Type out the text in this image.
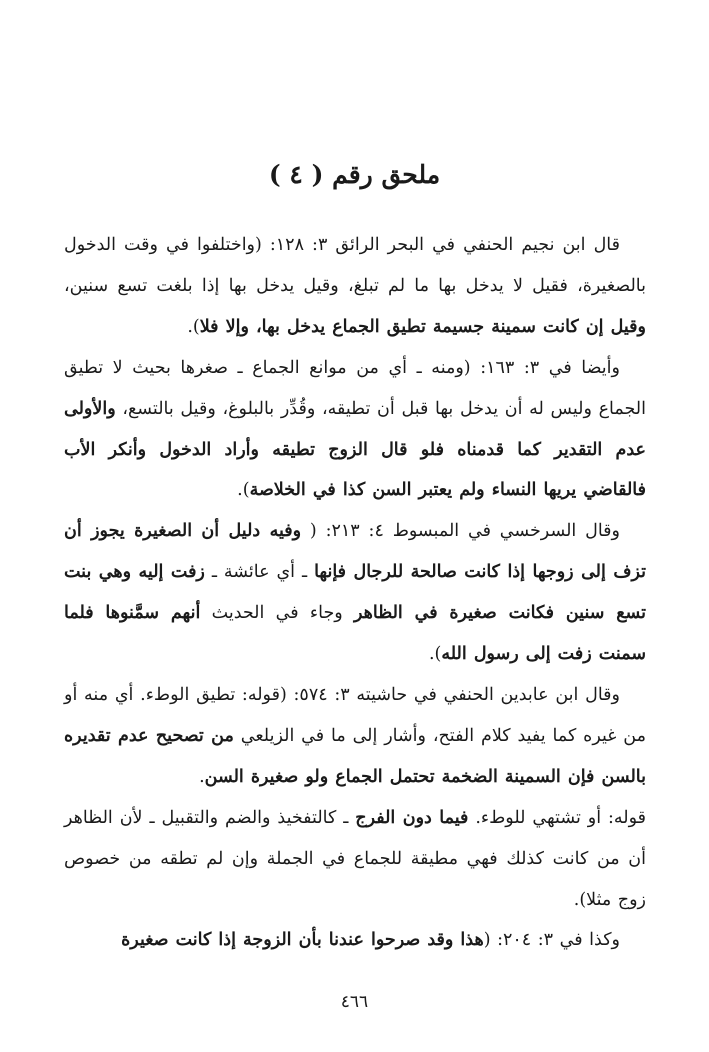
ملحق رقم ( ٤ )

قال ابن نجيم الحنفي في البحر الرائق ٣: ١٢٨: (واختلفوا في وقت الدخول بالصغيرة، فقيل لا يدخل بها ما لم تبلغ، وقيل يدخل بها إذا بلغت تسع سنين، وقيل إن كانت سمينة جسيمة تطيق الجماع يدخل بها، وإلا فلا).

وأيضا في ٣: ١٦٣: (ومنه ـ أي من موانع الجماع ـ صغرها بحيث لا تطيق الجماع وليس له أن يدخل بها قبل أن تطيقه، وقُدِّر بالبلوغ، وقيل بالتسع، والأولى عدم التقدير كما قدمناه فلو قال الزوج تطيقه وأراد الدخول وأنكر الأب فالقاضي يريها النساء ولم يعتبر السن كذا في الخلاصة).

وقال السرخسي في المبسوط ٤: ٢١٣: ( وفيه دليل أن الصغيرة يجوز أن تزف إلى زوجها إذا كانت صالحة للرجال فإنها ـ أي عائشة ـ زفت إليه وهي بنت تسع سنين فكانت صغيرة في الظاهر وجاء في الحديث أنهم سمَّنوها فلما سمنت زفت إلى رسول الله).

وقال ابن عابدين الحنفي في حاشيته ٣: ٥٧٤: (قوله: تطيق الوطء. أي منه أو من غيره كما يفيد كلام الفتح، وأشار إلى ما في الزيلعي من تصحيح عدم تقديره بالسن فإن السمينة الضخمة تحتمل الجماع ولو صغيرة السن.

قوله: أو تشتهي للوطء. فيما دون الفرج ـ كالتفخيذ والضم والتقبيل ـ لأن الظاهر أن من كانت كذلك فهي مطيقة للجماع في الجملة وإن لم تطقه من خصوص زوج مثلا).

وكذا في ٣: ٢٠٤: (هذا وقد صرحوا عندنا بأن الزوجة إذا كانت صغيرة

٤٦٦
